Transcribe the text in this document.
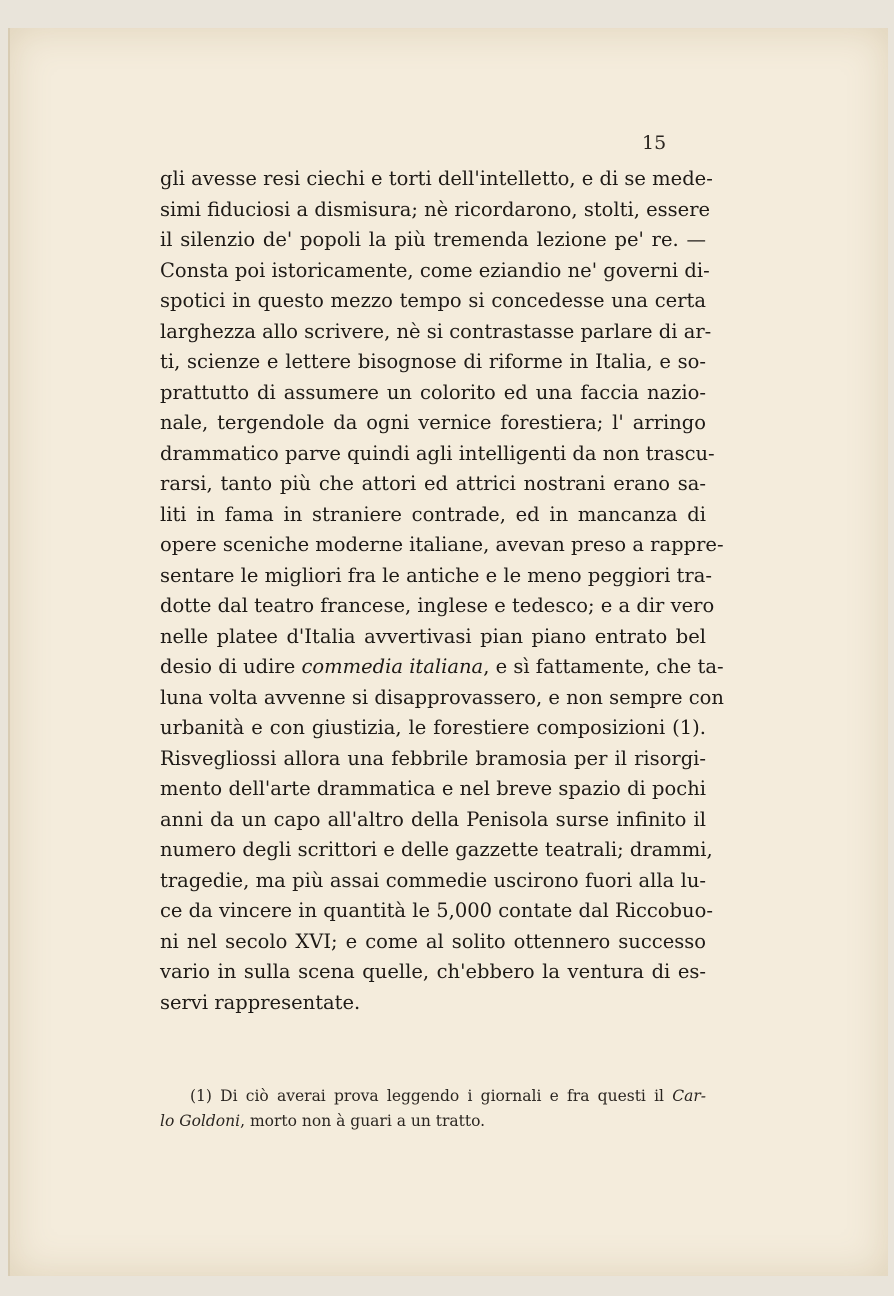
15
gli avesse resi ciechi e torti dell'intelletto, e di se mede-
simi fiduciosi a dismisura; nè ricordarono, stolti, essere
il silenzio de' popoli la più tremenda lezione pe' re. —
Consta poi istoricamente, come eziandio ne' governi di-
spotici in questo mezzo tempo si concedesse una certa
larghezza allo scrivere, nè si contrastasse parlare di ar-
ti, scienze e lettere bisognose di riforme in Italia, e so-
prattutto di assumere un colorito ed una faccia nazio-
nale, tergendole da ogni vernice forestiera; l' arringo
drammatico parve quindi agli intelligenti da non trascu-
rarsi, tanto più che attori ed attrici nostrani erano sa-
liti in fama in straniere contrade, ed in mancanza di
opere sceniche moderne italiane, avevan preso a rappre-
sentare le migliori fra le antiche e le meno peggiori tra-
dotte dal teatro francese, inglese e tedesco; e a dir vero
nelle platee d'Italia avvertivasi pian piano entrato bel
desio di udire commedia italiana, e sì fattamente, che ta-
luna volta avvenne si disapprovassero, e non sempre con
urbanità e con giustizia, le forestiere composizioni (1).
Risvegliossi allora una febbrile bramosia per il risorgi-
mento dell'arte drammatica e nel breve spazio di pochi
anni da un capo all'altro della Penisola surse infinito il
numero degli scrittori e delle gazzette teatrali; drammi,
tragedie, ma più assai commedie uscirono fuori alla lu-
ce da vincere in quantità le 5,000 contate dal Riccobuo-
ni nel secolo XVI; e come al solito ottennero successo
vario in sulla scena quelle, ch'ebbero la ventura di es-
servi rappresentate.
(1) Di ciò averai prova leggendo i giornali e fra questi il Car-
lo Goldoni, morto non à guari a un tratto.
